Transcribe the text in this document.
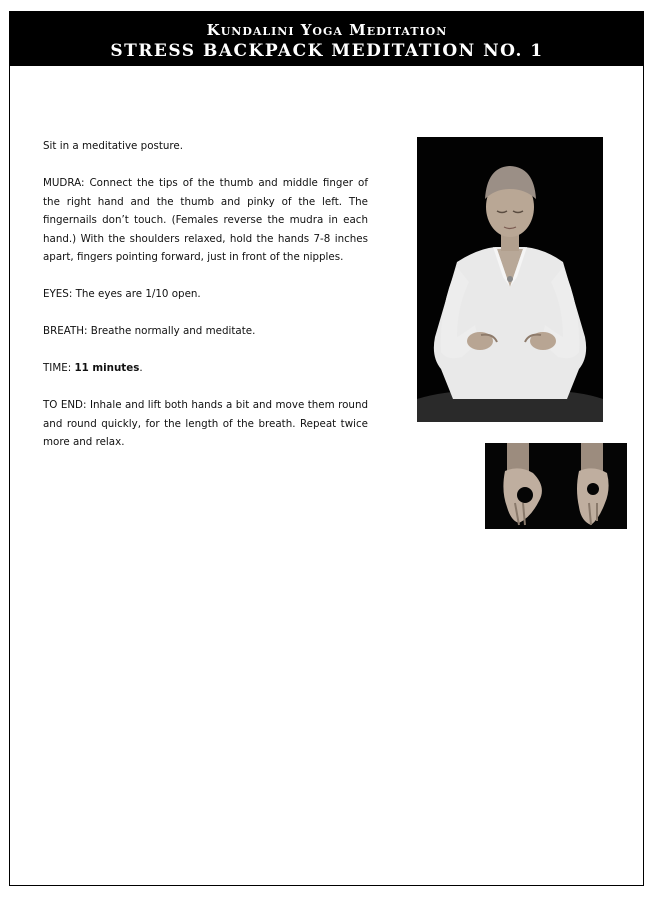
Kundalini Yoga Meditation
STRESS BACKPACK MEDITATION NO. 1

Sit in a meditative posture.

MUDRA: Connect the tips of the thumb and middle finger of the right hand and the thumb and pinky of the left. The fingernails don’t touch. (Females reverse the mudra in each hand.) With the shoulders relaxed, hold the hands 7-8 inches apart, fingers pointing forward, just in front of the nipples.

EYES: The eyes are 1/10 open.

BREATH: Breathe normally and meditate.

TIME: 11 minutes.

TO END: Inhale and lift both hands a bit and move them round and round quickly, for the length of the breath. Repeat twice more and relax.
